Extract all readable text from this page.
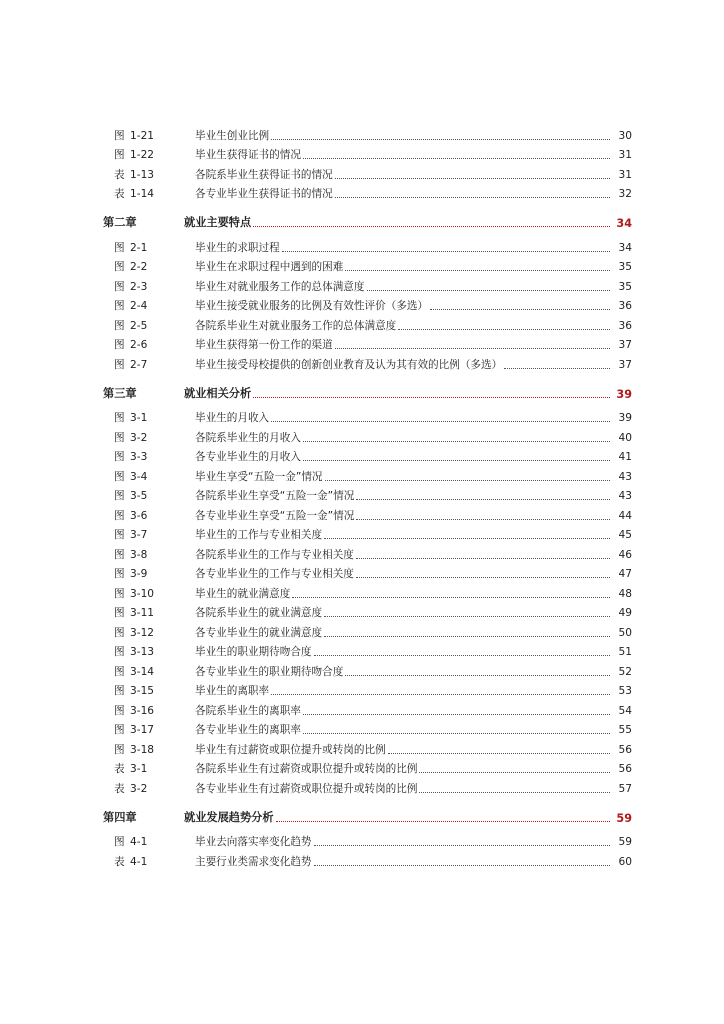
图 1-21	毕业生创业比例	30
图 1-22	毕业生获得证书的情况	31
表 1-13	各院系毕业生获得证书的情况	31
表 1-14	各专业毕业生获得证书的情况	32
第二章	就业主要特点	34
图 2-1	毕业生的求职过程	34
图 2-2	毕业生在求职过程中遇到的困难	35
图 2-3	毕业生对就业服务工作的总体满意度	35
图 2-4	毕业生接受就业服务的比例及有效性评价（多选）	36
图 2-5	各院系毕业生对就业服务工作的总体满意度	36
图 2-6	毕业生获得第一份工作的渠道	37
图 2-7	毕业生接受母校提供的创新创业教育及认为其有效的比例（多选）	37
第三章	就业相关分析	39
图 3-1	毕业生的月收入	39
图 3-2	各院系毕业生的月收入	40
图 3-3	各专业毕业生的月收入	41
图 3-4	毕业生享受“五险一金”情况	43
图 3-5	各院系毕业生享受“五险一金”情况	43
图 3-6	各专业毕业生享受“五险一金”情况	44
图 3-7	毕业生的工作与专业相关度	45
图 3-8	各院系毕业生的工作与专业相关度	46
图 3-9	各专业毕业生的工作与专业相关度	47
图 3-10	毕业生的就业满意度	48
图 3-11	各院系毕业生的就业满意度	49
图 3-12	各专业毕业生的就业满意度	50
图 3-13	毕业生的职业期待吻合度	51
图 3-14	各专业毕业生的职业期待吻合度	52
图 3-15	毕业生的离职率	53
图 3-16	各院系毕业生的离职率	54
图 3-17	各专业毕业生的离职率	55
图 3-18	毕业生有过薪资或职位提升或转岗的比例	56
表 3-1	各院系毕业生有过薪资或职位提升或转岗的比例	56
表 3-2	各专业毕业生有过薪资或职位提升或转岗的比例	57
第四章	就业发展趋势分析	59
图 4-1	毕业去向落实率变化趋势	59
表 4-1	主要行业类需求变化趋势	60
